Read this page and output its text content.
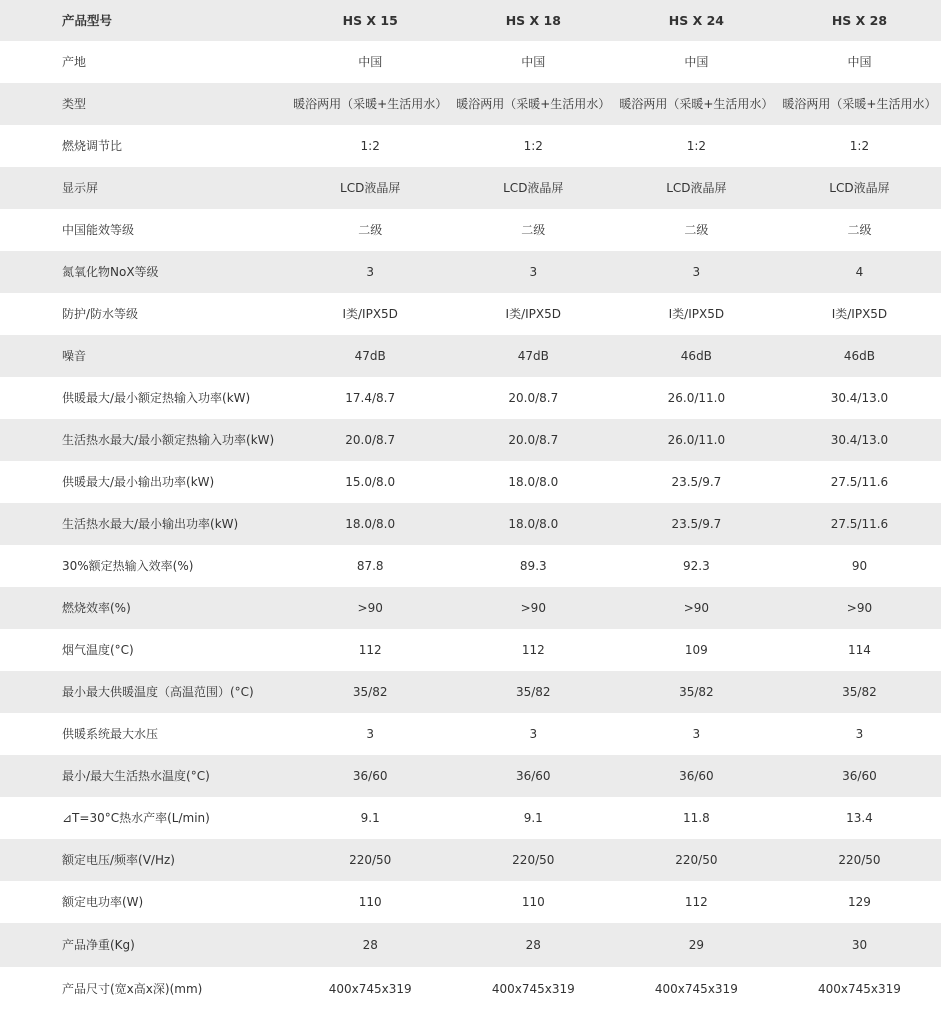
产品型号	HS X 15	HS X 18	HS X 24	HS X 28
产地	中国	中国	中国	中国
类型	暖浴两用（采暖+生活用水）	暖浴两用（采暖+生活用水）	暖浴两用（采暖+生活用水）	暖浴两用（采暖+生活用水）
燃烧调节比	1:2	1:2	1:2	1:2
显示屏	LCD液晶屏	LCD液晶屏	LCD液晶屏	LCD液晶屏
中国能效等级	二级	二级	二级	二级
氮氧化物NoX等级	3	3	3	4
防护/防水等级	I类/IPX5D	I类/IPX5D	I类/IPX5D	I类/IPX5D
噪音	47dB	47dB	46dB	46dB
供暖最大/最小额定热输入功率(kW)	17.4/8.7	20.0/8.7	26.0/11.0	30.4/13.0
生活热水最大/最小额定热输入功率(kW)	20.0/8.7	20.0/8.7	26.0/11.0	30.4/13.0
供暖最大/最小输出功率(kW)	15.0/8.0	18.0/8.0	23.5/9.7	27.5/11.6
生活热水最大/最小输出功率(kW)	18.0/8.0	18.0/8.0	23.5/9.7	27.5/11.6
30%额定热输入效率(%)	87.8	89.3	92.3	90
燃烧效率(%)	>90	>90	>90	>90
烟气温度(°C)	112	112	109	114
最小最大供暖温度（高温范围）(°C)	35/82	35/82	35/82	35/82
供暖系统最大水压	3	3	3	3
最小/最大生活热水温度(°C)	36/60	36/60	36/60	36/60
⊿T=30°C热水产率(L/min)	9.1	9.1	11.8	13.4
额定电压/频率(V/Hz)	220/50	220/50	220/50	220/50
额定电功率(W)	110	110	112	129
产品净重(Kg)	28	28	29	30
产品尺寸(宽x高x深)(mm)	400x745x319	400x745x319	400x745x319	400x745x319
